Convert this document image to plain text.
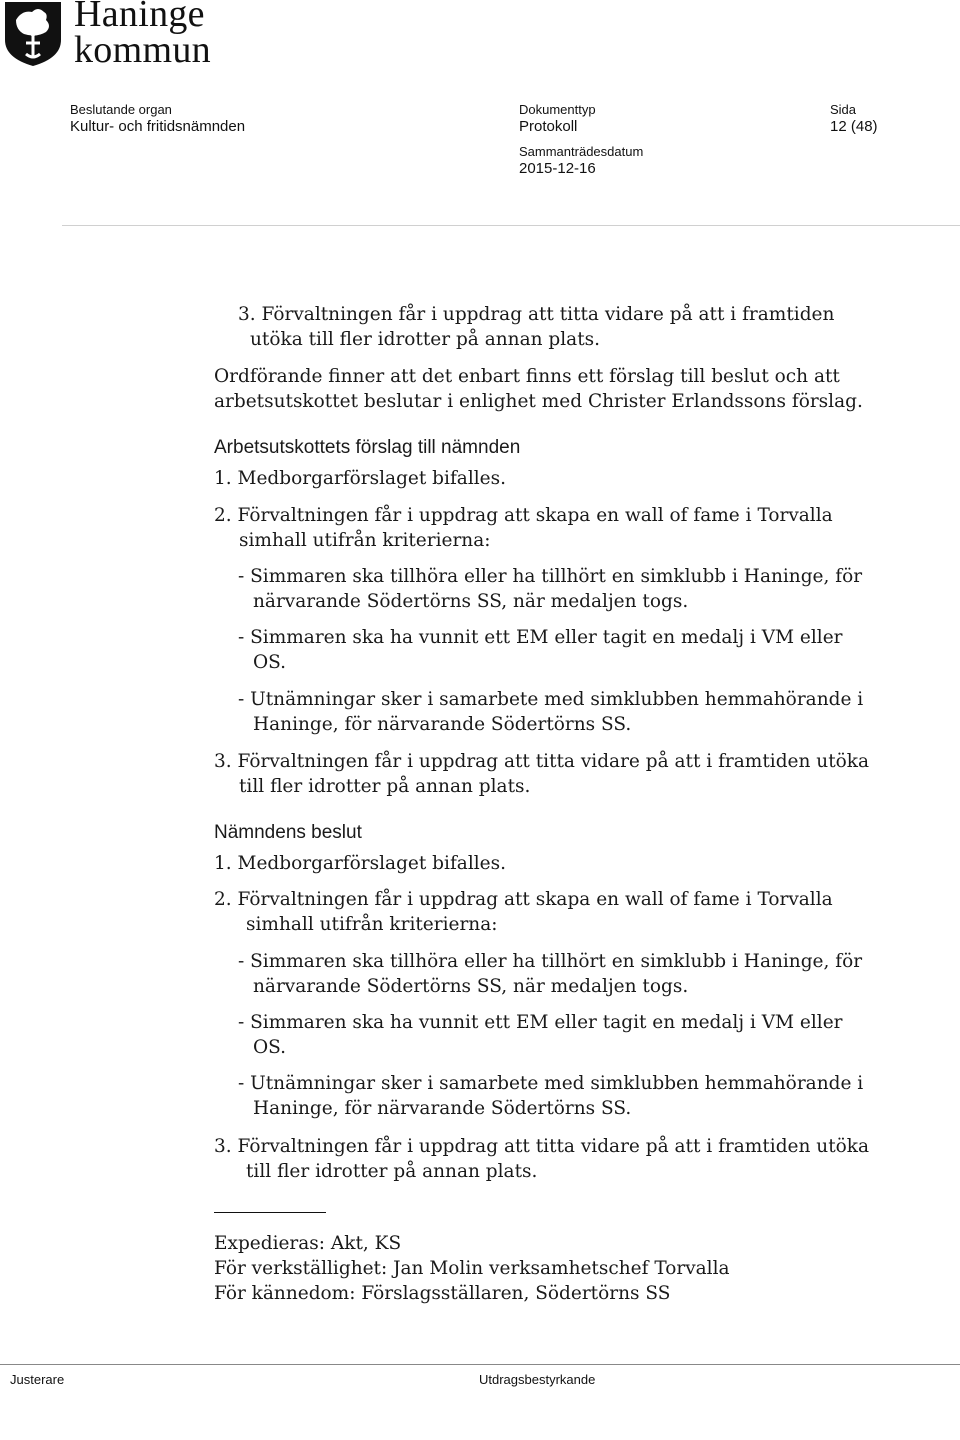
Haninge
kommun
Beslutande organ
Kultur- och fritidsnämnden
Dokumenttyp
Protokoll
Sammanträdesdatum
2015-12-16
Sida
12 (48)
3. Förvaltningen får i uppdrag att titta vidare på att i framtiden
utöka till fler idrotter på annan plats.
Ordförande finner att det enbart finns ett förslag till beslut och att
arbetsutskottet beslutar i enlighet med Christer Erlandssons förslag.
Arbetsutskottets förslag till nämnden
1. Medborgarförslaget bifalles.
2. Förvaltningen får i uppdrag att skapa en wall of fame i Torvalla
simhall utifrån kriterierna:
- Simmaren ska tillhöra eller ha tillhört en simklubb i Haninge, för
närvarande Södertörns SS, när medaljen togs.
- Simmaren ska ha vunnit ett EM eller tagit en medalj i VM eller
OS.
- Utnämningar sker i samarbete med simklubben hemmahörande i
Haninge, för närvarande Södertörns SS.
3. Förvaltningen får i uppdrag att titta vidare på att i framtiden utöka
till fler idrotter på annan plats.
Nämndens beslut
1. Medborgarförslaget bifalles.
2. Förvaltningen får i uppdrag att skapa en wall of fame i Torvalla
simhall utifrån kriterierna:
- Simmaren ska tillhöra eller ha tillhört en simklubb i Haninge, för
närvarande Södertörns SS, när medaljen togs.
- Simmaren ska ha vunnit ett EM eller tagit en medalj i VM eller
OS.
- Utnämningar sker i samarbete med simklubben hemmahörande i
Haninge, för närvarande Södertörns SS.
3. Förvaltningen får i uppdrag att titta vidare på att i framtiden utöka
till fler idrotter på annan plats.
Expedieras: Akt, KS
För verkställighet: Jan Molin verksamhetschef Torvalla
För kännedom: Förslagsställaren, Södertörns SS
Justerare	Utdragsbestyrkande
